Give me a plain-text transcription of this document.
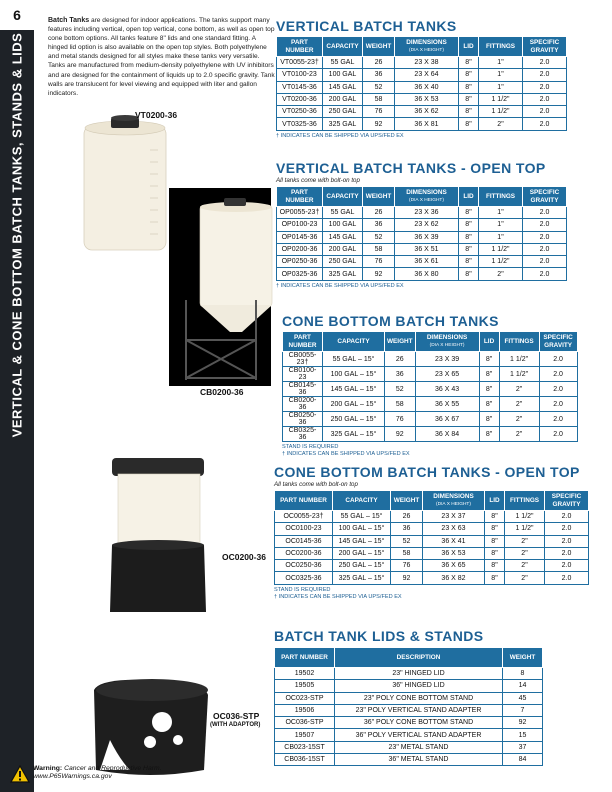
6
VERTICAL & CONE BOTTOM BATCH TANKS, STANDS & LIDS
Batch Tanks are designed for indoor applications. The tanks support many features including vertical, open top vertical, cone bottom, as well as open top cone bottom options. All tanks feature 8" lids and one standard fitting. A hinged lid option is also available on the open top styles. Both polyethylene and metal stands designed for all styles make these tanks very versatile. Tanks are manufactured from medium-density polyethylene with UV inhibitors and are designed for the containment of liquids up to 2.0 specific gravity. Tank walls are translucent for level viewing and equipped with liter and gallon indicators.
VT0200-36
CB0200-36
OC0200-36
OC036-STP
(WITH ADAPTOR)
VERTICAL BATCH TANKS
PART NUMBER	CAPACITY	WEIGHT	DIMENSIONS
(DIA X HEIGHT)	LID	FITTINGS	SPECIFIC GRAVITY
VT0055-23†	55 GAL	26	23 X 38	8"	1"	2.0
VT0100-23	100 GAL	36	23 X 64	8"	1"	2.0
VT0145-36	145 GAL	52	36 X 40	8"	1"	2.0
VT0200-36	200 GAL	58	36 X 53	8"	1 1/2"	2.0
VT0250-36	250 GAL	76	36 X 62	8"	1 1/2"	2.0
VT0325-36	325 GAL	92	36 X 81	8"	2"	2.0
† INDICATES CAN BE SHIPPED VIA UPS/FED EX
VERTICAL BATCH TANKS - OPEN TOP
All tanks come with bolt-on top
PART NUMBER	CAPACITY	WEIGHT	DIMENSIONS
(DIA X HEIGHT)	LID	FITTINGS	SPECIFIC GRAVITY
OP0055-23†	55 GAL	26	23 X 36	8"	1"	2.0
OP0100-23	100 GAL	36	23 X 62	8"	1"	2.0
OP0145-36	145 GAL	52	36 X 39	8"	1"	2.0
OP0200-36	200 GAL	58	36 X 51	8"	1 1/2"	2.0
OP0250-36	250 GAL	76	36 X 61	8"	1 1/2"	2.0
OP0325-36	325 GAL	92	36 X 80	8"	2"	2.0
† INDICATES CAN BE SHIPPED VIA UPS/FED EX
CONE BOTTOM BATCH TANKS
PART NUMBER	CAPACITY	WEIGHT	DIMENSIONS
(DIA X HEIGHT)	LID	FITTINGS	SPECIFIC GRAVITY
CB0055-23†	55 GAL – 15°	26	23 X 39	8"	1 1/2"	2.0
CB0100-23	100 GAL – 15°	36	23 X 65	8"	1 1/2"	2.0
CB0145-36	145 GAL – 15°	52	36 X 43	8"	2"	2.0
CB0200-36	200 GAL – 15°	58	36 X 55	8"	2"	2.0
CB0250-36	250 GAL – 15°	76	36 X 67	8"	2"	2.0
CB0325-36	325 GAL – 15°	92	36 X 84	8"	2"	2.0
STAND IS REQUIRED
† INDICATES CAN BE SHIPPED VIA UPS/FED EX
CONE BOTTOM BATCH TANKS - OPEN TOP
All tanks come with bolt-on top
PART NUMBER	CAPACITY	WEIGHT	DIMENSIONS
(DIA X HEIGHT)	LID	FITTINGS	SPECIFIC GRAVITY
OC0055-23†	55 GAL – 15°	26	23 X 37	8"	1 1/2"	2.0
OC0100-23	100 GAL – 15°	36	23 X 63	8"	1 1/2"	2.0
OC0145-36	145 GAL – 15°	52	36 X 41	8"	2"	2.0
OC0200-36	200 GAL – 15°	58	36 X 53	8"	2"	2.0
OC0250-36	250 GAL – 15°	76	36 X 65	8"	2"	2.0
OC0325-36	325 GAL – 15°	92	36 X 82	8"	2"	2.0
STAND IS REQUIRED
† INDICATES CAN BE SHIPPED VIA UPS/FED EX
BATCH TANK LIDS & STANDS
PART NUMBER	DESCRIPTION	WEIGHT
19502	23" HINGED LID	8
19505	36" HINGED LID	14
OC023-STP	23" POLY CONE BOTTOM STAND	45
19506	23" POLY VERTICAL STAND ADAPTER	7
OC036-STP	36" POLY CONE BOTTOM STAND	92
19507	36" POLY VERTICAL STAND ADAPTER	15
CB023-15ST	23" METAL STAND	37
CB036-15ST	36" METAL STAND	84
Warning: Cancer and Reproductive Harm.
www.P65Warnings.ca.gov
